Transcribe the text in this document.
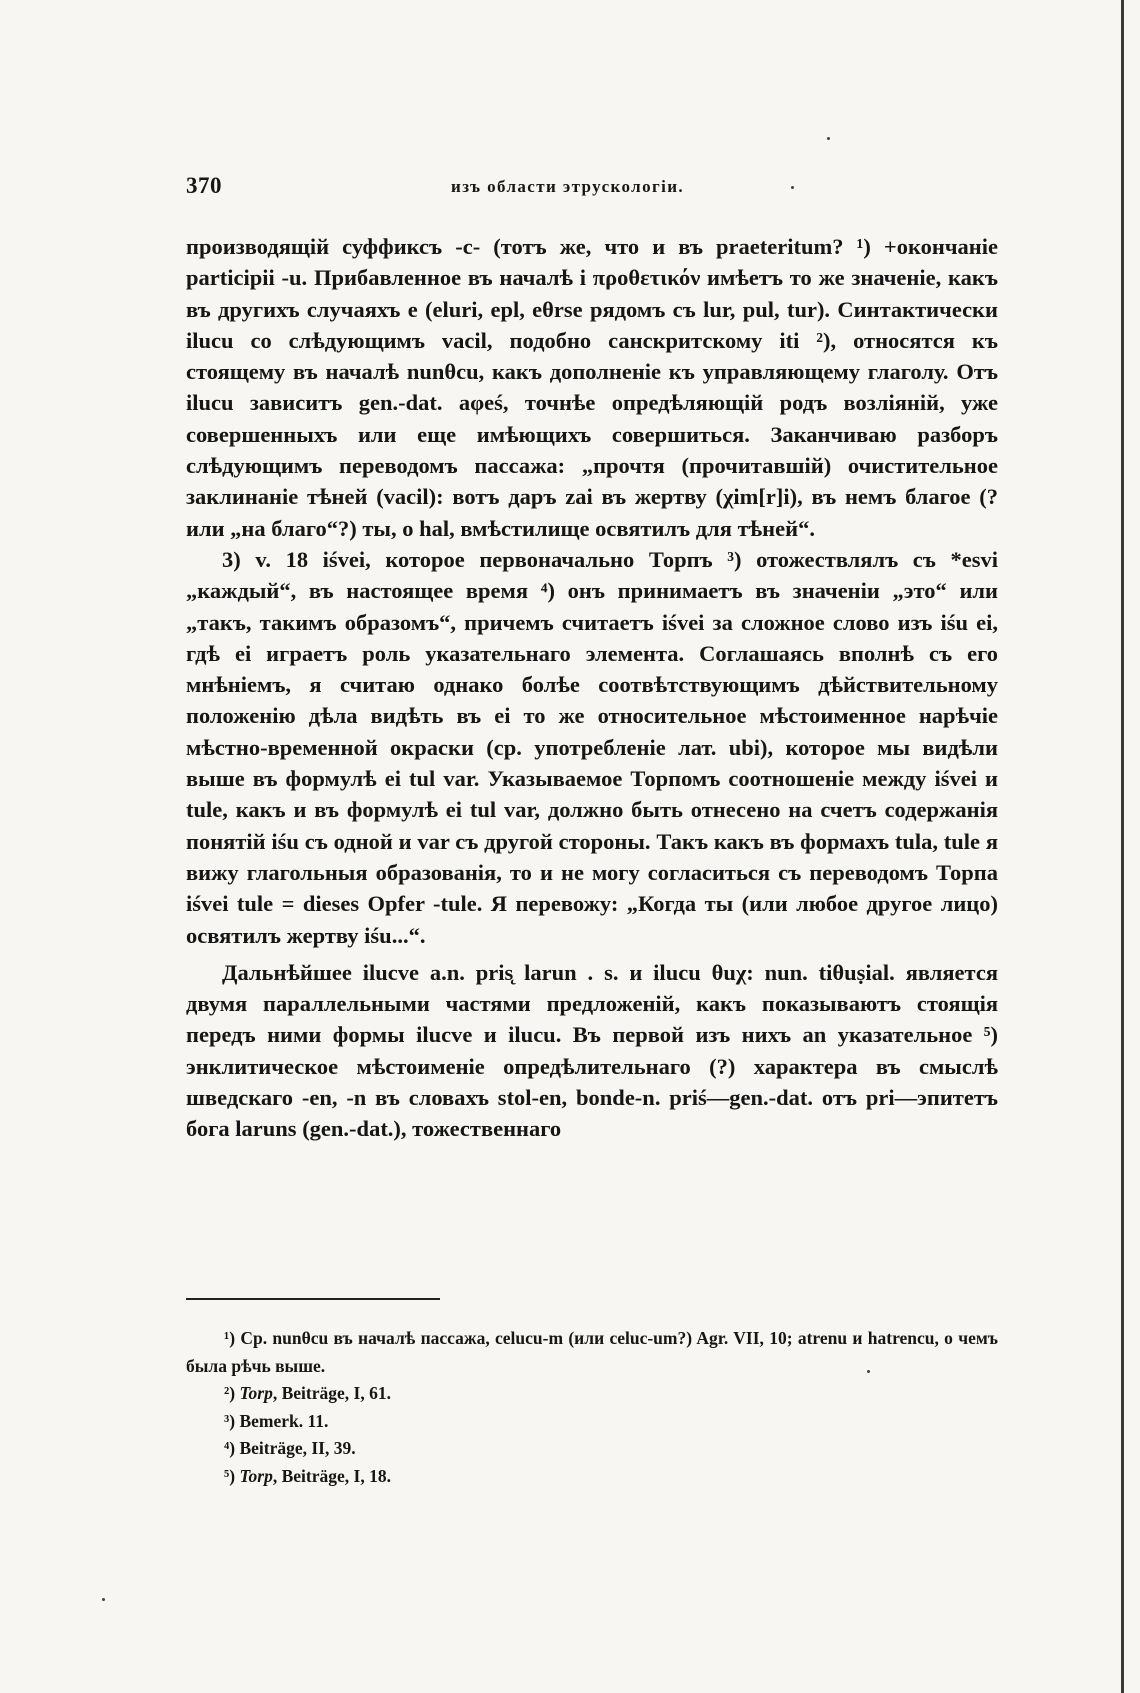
370	изъ области этрускологіи.

производящій суффиксъ -с- (тотъ же, что и въ praeteritum? ¹) +окончаніе participii -u. Прибавленное въ началѣ i προθετικόν имѣетъ то же значеніе, какъ въ другихъ случаяхъ e (eluri, epl, eθrse рядомъ съ lur, pul, tur). Синтактически ilucu со слѣдующимъ vacil, подобно санскритскому iti ²), относятся къ стоящему въ началѣ nunθcu, какъ дополненіе къ управляющему глаголу. Отъ ilucu зависитъ gen.-dat. aφeś, точнѣе опредѣляющій родъ возліяній, уже совершенныхъ или еще имѣющихъ совершиться. Заканчиваю разборъ слѣдующимъ переводомъ пассажа: „прочтя (прочитавшій) очистительное заклинаніе тѣней (vacil): вотъ даръ zai въ жертву (χim[r]i), въ немъ благое (? или „на благо“?) ты, о hal, вмѣстилище освятилъ для тѣней“.

3) v. 18 iśvei, которое первоначально Торпъ ³) отожествлялъ съ *esvi „каждый“, въ настоящее время ⁴) онъ принимаетъ въ значеніи „это“ или „такъ, такимъ образомъ“, причемъ считаетъ iśvei за сложное слово изъ iśu ei, гдѣ ei играетъ роль указательнаго элемента. Соглашаясь вполнѣ съ его мнѣніемъ, я считаю однако болѣе соотвѣтствующимъ дѣйствительному положенію дѣла видѣть въ ei то же относительное мѣстоименное нарѣчіе мѣстно-временной окраски (ср. употребленіе лат. ubi), которое мы видѣли выше въ формулѣ ei tul var. Указываемое Торпомъ соотношеніе между iśvei и tule, какъ и въ формулѣ ei tul var, должно быть отнесено на счетъ содержанія понятій iśu съ одной и var съ другой стороны. Такъ какъ въ формахъ tula, tule я вижу глагольныя образованія, то и не могу согласиться съ переводомъ Торпа iśvei tule = dieses Opfer -tule. Я перевожу: „Когда ты (или любое другое лицо) освятилъ жертву iśu...“.

Дальнѣйшее ilucve a.n. pris̨ larun . s. и ilucu θuχ: nun. tiθuṣial. является двумя параллельными частями предложеній, какъ показываютъ стоящія передъ ними формы ilucve и ilucu. Въ первой изъ нихъ an указательное ⁵) энклитическое мѣстоименіе опредѣлительнаго (?) характера въ смыслѣ шведскаго -en, -n въ словахъ stol-en, bonde-n. priś—gen.-dat. отъ pri—эпитетъ бога laruns (gen.-dat.), тожественнаго

¹) Ср. nunθcu въ началѣ пассажа, celucu-m (или celuc-um?) Agr. VII, 10; atrenu и hatrencu, о чемъ была рѣчь выше.

²) Torp, Beiträge, I, 61.

³) Bemerk. 11.

⁴) Beiträge, II, 39.

⁵) Torp, Beiträge, I, 18.
